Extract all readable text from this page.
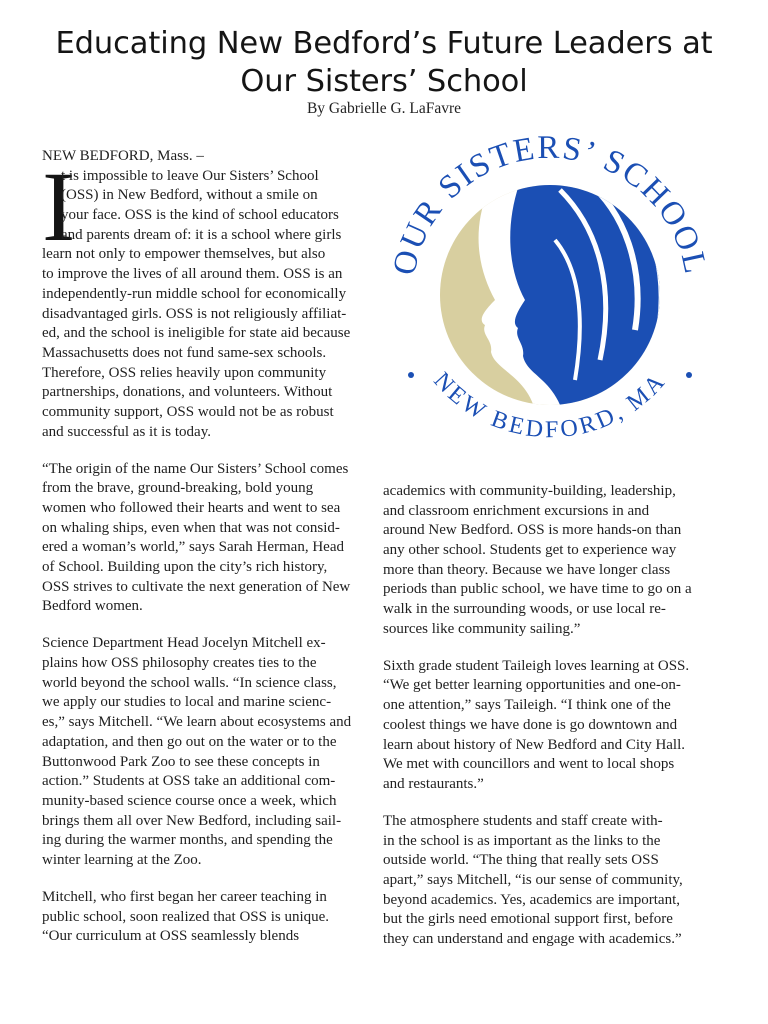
Educating New Bedford’s Future Leaders at
Our Sisters’ School
By Gabrielle G. LaFavre
I

NEW BEDFORD, Mass. –
t is impossible to leave Our Sisters’ School
(OSS) in New Bedford, without a smile on
your face. OSS is the kind of school educators
and parents dream of: it is a school where girls
learn not only to empower themselves, but also
to improve the lives of all around them. OSS is an
independently-run middle school for economically
disadvantaged girls. OSS is not religiously affiliat-
ed, and the school is ineligible for state aid because
Massachusetts does not fund same-sex schools.
Therefore, OSS relies heavily upon community
partnerships, donations, and volunteers. Without
community support, OSS would not be as robust
and successful as it is today.

“The origin of the name Our Sisters’ School comes
from the brave, ground-breaking, bold young
women who followed their hearts and went to sea
on whaling ships, even when that was not consid-
ered a woman’s world,” says Sarah Herman, Head
of School. Building upon the city’s rich history,
OSS strives to cultivate the next generation of New
Bedford women.

Science Department Head Jocelyn Mitchell ex-
plains how OSS philosophy creates ties to the
world beyond the school walls. “In science class,
we apply our studies to local and marine scienc-
es,” says Mitchell. “We learn about ecosystems and
adaptation, and then go out on the water or to the
Buttonwood Park Zoo to see these concepts in
action.” Students at OSS take an additional com-
munity-based science course once a week, which
brings them all over New Bedford, including sail-
ing during the warmer months, and spending the
winter learning at the Zoo.

Mitchell, who first began her career teaching in
public school, soon realized that OSS is unique.
“Our curriculum at OSS seamlessly blends

OUR SISTERS’ SCHOOL
NEW BEDFORD, MA

academics with community-building, leadership,
and classroom enrichment excursions in and
around New Bedford. OSS is more hands-on than
any other school. Students get to experience way
more than theory. Because we have longer class
periods than public school, we have time to go on a
walk in the surrounding woods, or use local re-
sources like community sailing.”

Sixth grade student Taileigh loves learning at OSS.
“We get better learning opportunities and one-on-
one attention,” says Taileigh. “I think one of the
coolest things we have done is go downtown and
learn about history of New Bedford and City Hall.
We met with councillors and went to local shops
and restaurants.”

The atmosphere students and staff create with-
in the school is as important as the links to the
outside world. “The thing that really sets OSS
apart,” says Mitchell, “is our sense of community,
beyond academics. Yes, academics are important,
but the girls need emotional support first, before
they can understand and engage with academics.”
